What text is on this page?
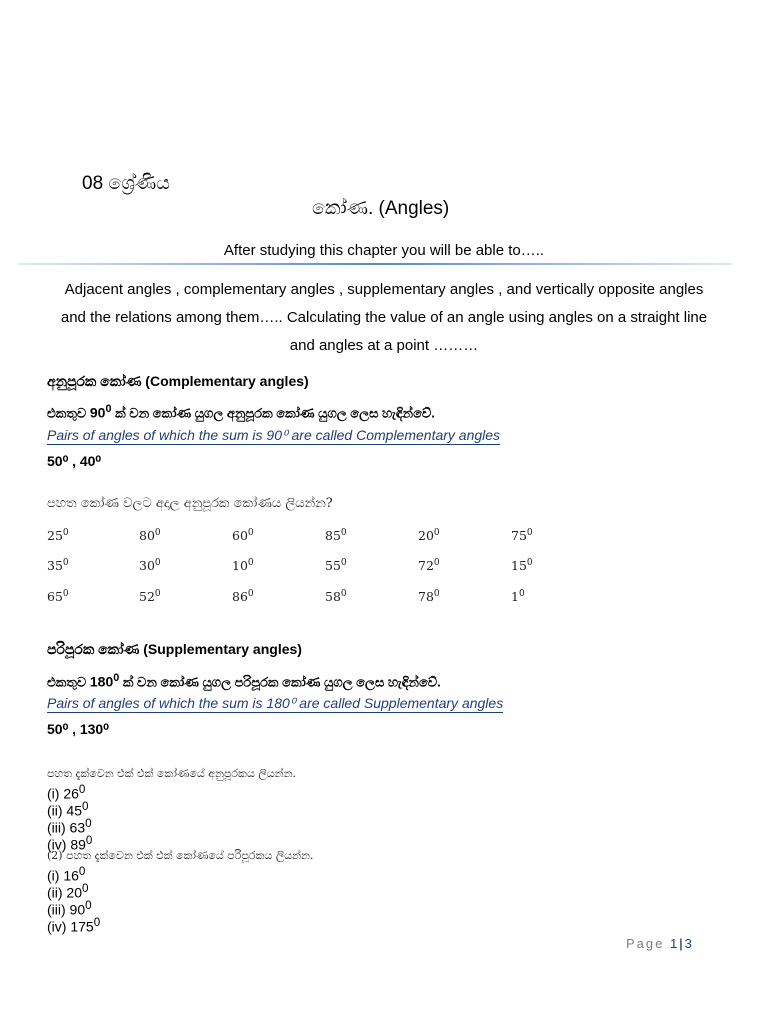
08 ශ්‍රේණිය
කෝණ. (Angles)
After studying this chapter you will be able to…..
Adjacent angles , complementary angles , supplementary angles , and vertically opposite angles
and the relations among them….. Calculating the value of an angle using angles on a straight line
and angles at a point ………
අනුපූරක කෝණ (Complementary angles)
එකතුව $90^0$ ක් වන කෝණ යුගල අනුපූරක කෝණ යුගල ලෙස හැඳින්වේ.
Pairs of angles of which the sum is 90⁰ are called Complementary angles
50⁰ , 40⁰
පහත කෝණ වලට අදාල අනුපූරක කෝණය ලියන්න?
$25^0$	$80^0$	$60^0$	$85^0$	$20^0$	$75^0$
$35^0$	$30^0$	$10^0$	$55^0$	$72^0$	$15^0$
$65^0$	$52^0$	$86^0$	$58^0$	$78^0$	$1^0$
පරිපූරක කෝණ (Supplementary angles)
එකතුව $180^0$ ක් වන කෝණ යුගල පරිපූරක කෝණ යුගල ලෙස හැඳින්වේ.
Pairs of angles of which the sum is 180⁰ are called Supplementary angles
50⁰ , 130⁰
පහත දැක්වෙන එක් එක් කෝණයේ අනුපූරකය ලියන්න.
(i) $26^0$
(ii) $45^0$
(iii) $63^0$
(iv) $89^0$
(2) පහත දැක්වෙන එක් එක් කෝණයේ පරිපූරකය ලියන්න.
(i) $16^0$
(ii) $20^0$
(iii) $90^0$
(iv) $175^0$
Page 1|3
